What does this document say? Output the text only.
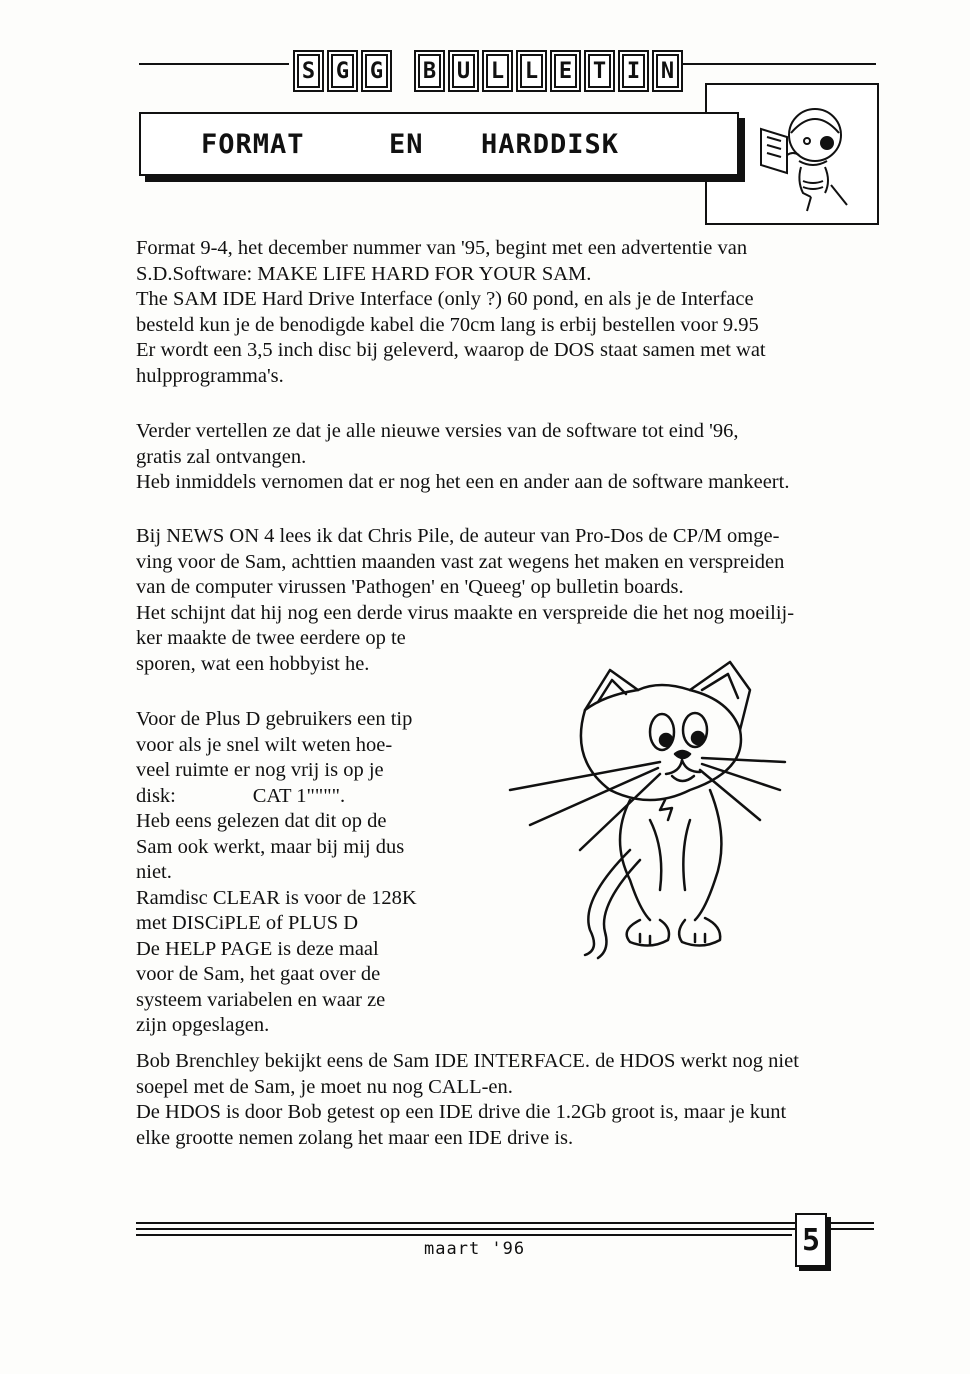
S G G	B U L L E T I N
FORMAT	EN HARDDISK
Format 9-4, het december nummer van '95, begint met een advertentie van
S.D.Software: MAKE LIFE HARD FOR YOUR SAM.
The SAM IDE Hard Drive Interface (only ?) 60 pond, en als je de Interface
besteld kun je de benodigde kabel die 70cm lang is erbij bestellen voor 9.95
Er wordt een 3,5 inch disc bij geleverd, waarop de DOS staat samen met wat
hulpprogramma's.
Verder vertellen ze dat je alle nieuwe versies van de software tot eind '96,
gratis zal ontvangen.
Heb inmiddels vernomen dat er nog het een en ander aan de software mankeert.
Bij NEWS ON 4 lees ik dat Chris Pile, de auteur van Pro-Dos de CP/M omge-
ving voor de Sam, achttien maanden vast zat wegens het maken en verspreiden
van de computer virussen 'Pathogen' en 'Queeg' op bulletin boards.
Het schijnt dat hij nog een derde virus maakte en verspreide die het nog moeilij-
ker maakte de twee eerdere op te
sporen, wat een hobbyist he.
Voor de Plus D gebruikers een tip
voor als je snel wilt weten hoe-
veel ruimte er nog vrij is op je
disk:               CAT 1"""".
Heb eens gelezen dat dit op de
Sam ook werkt, maar bij mij dus
niet.
Ramdisc CLEAR is voor de 128K
met DISCiPLE of PLUS D
De HELP PAGE is deze maal
voor de Sam, het gaat over de
systeem variabelen en waar ze
zijn opgeslagen.
Bob Brenchley bekijkt eens de Sam IDE INTERFACE. de HDOS werkt nog niet
soepel met de Sam, je moet nu nog CALL-en.
De HDOS is door Bob getest op een IDE drive die 1.2Gb groot is, maar je kunt
elke grootte nemen zolang het maar een IDE drive is.
maart '96	5
